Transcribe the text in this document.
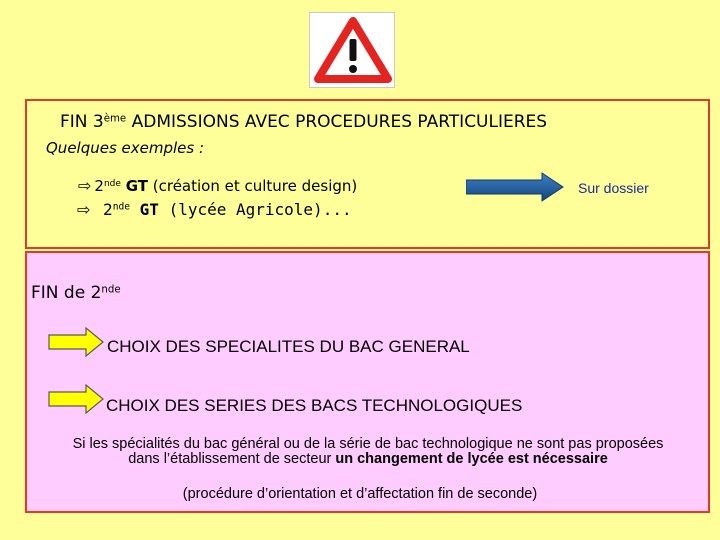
FIN 3ème ADMISSIONS AVEC PROCEDURES PARTICULIERES
Quelques exemples :
⇨ 2nde GT (création et culture design)
⇨ 2nde GT (lycée Agricole)...
Sur dossier
FIN de 2nde
CHOIX DES SPECIALITES DU BAC GENERAL
CHOIX DES SERIES DES BACS TECHNOLOGIQUES
Si les spécialités du bac général ou de la série de bac technologique ne sont pas proposées
dans l’établissement de secteur un changement de lycée est nécessaire
(procédure d’orientation et d’affectation fin de seconde)
